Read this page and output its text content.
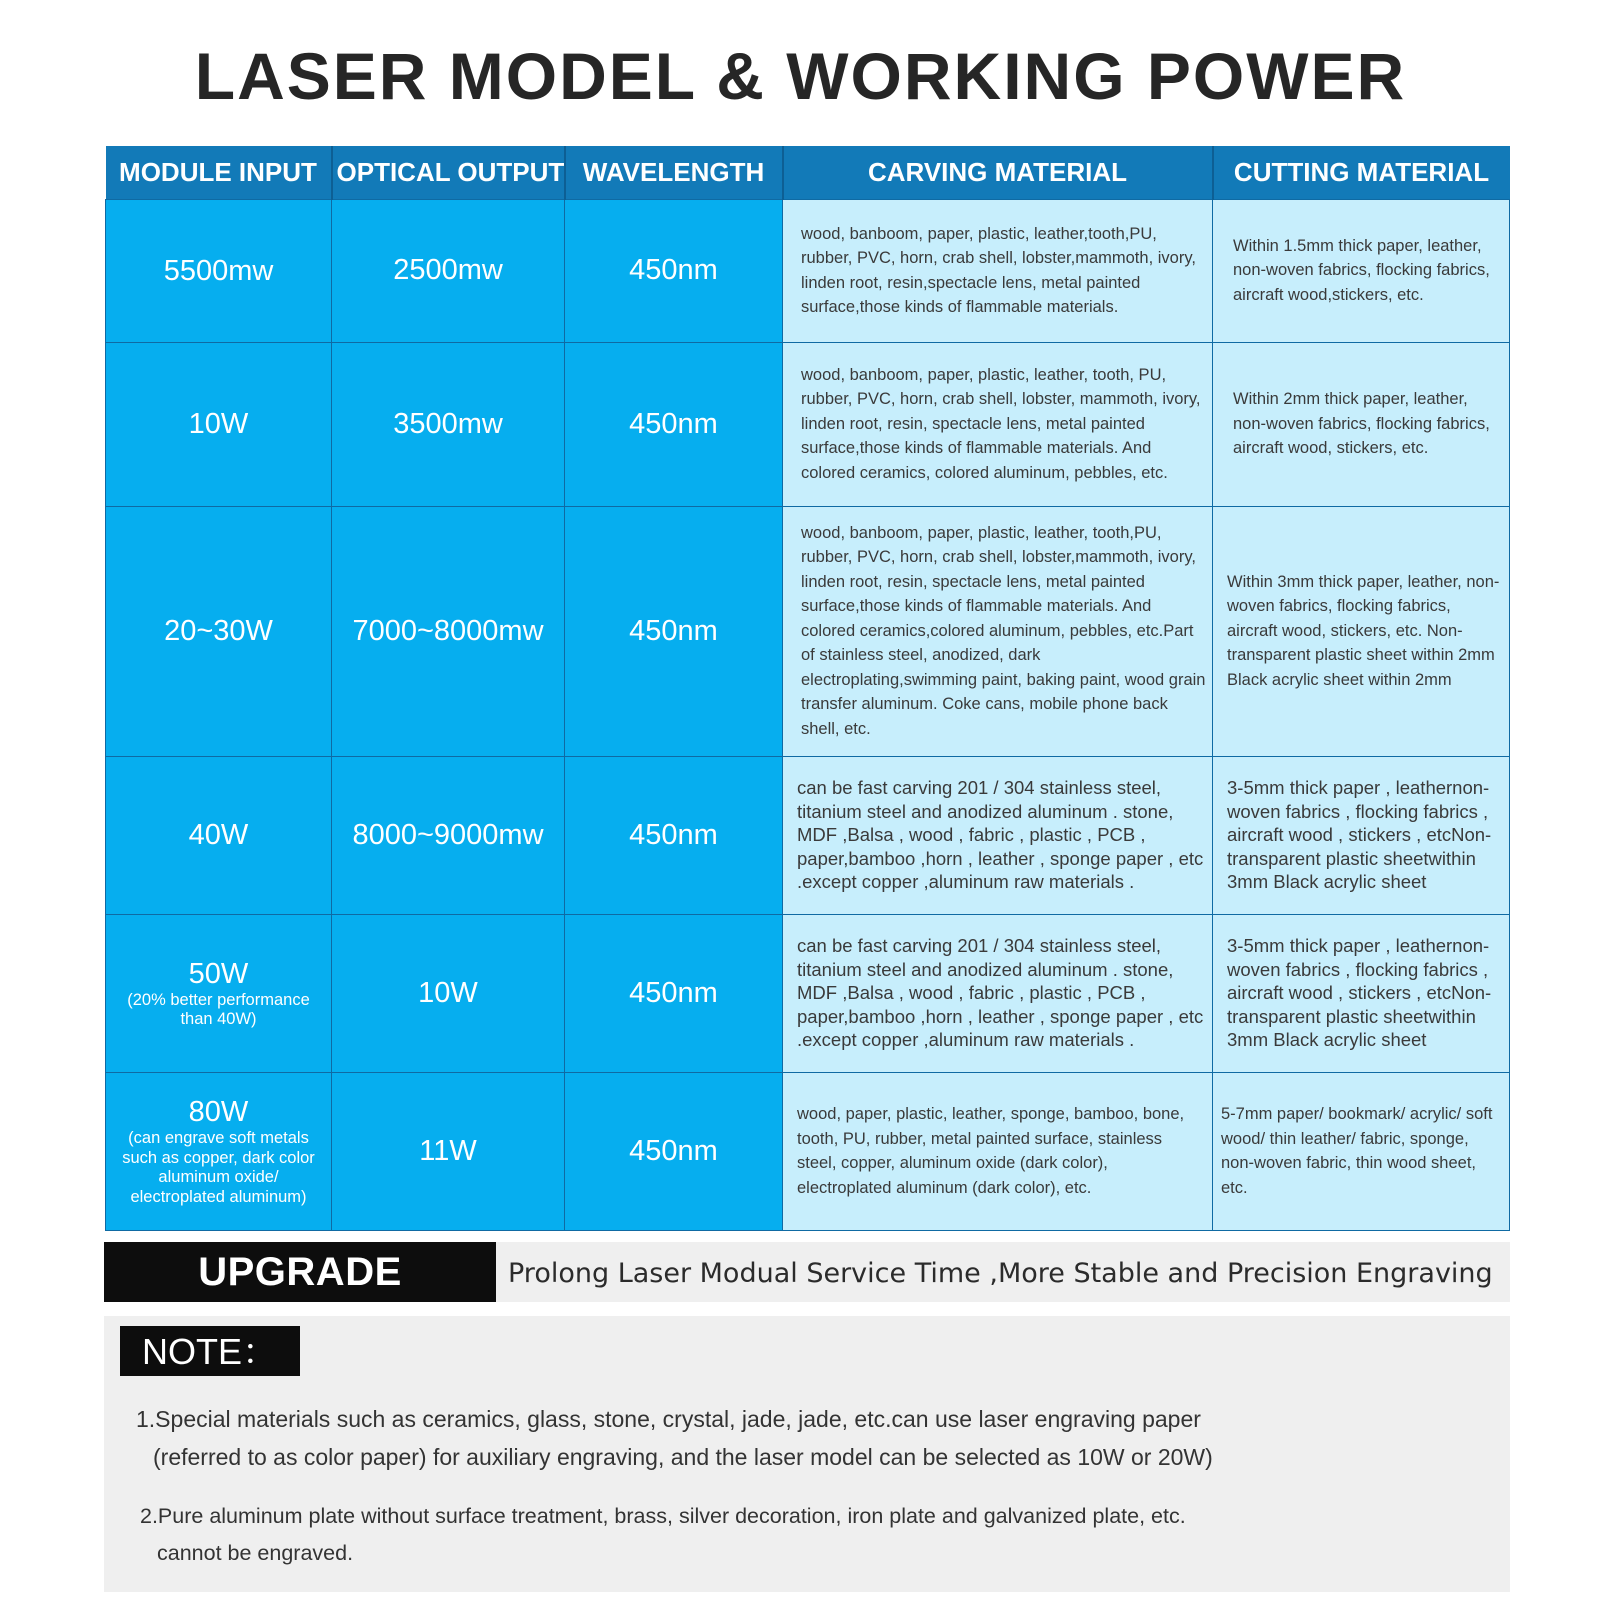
LASER MODEL & WORKING POWER
MODULE INPUT	OPTICAL OUTPUT	WAVELENGTH	CARVING MATERIAL	CUTTING MATERIAL

5500mw	2500mw	450nm	wood, banboom, paper, plastic, leather,tooth,PU, rubber, PVC, horn, crab shell, lobster,mammoth, ivory, linden root, resin,spectacle lens, metal painted surface,those kinds of flammable materials.	Within 1.5mm thick paper, leather, non-woven fabrics, flocking fabrics, aircraft wood,stickers, etc.

10W	3500mw	450nm	wood, banboom, paper, plastic, leather, tooth, PU, rubber, PVC, horn, crab shell, lobster, mammoth, ivory, linden root, resin, spectacle lens, metal painted surface,those kinds of flammable materials. And colored ceramics, colored aluminum, pebbles, etc.	Within 2mm thick paper, leather, non-woven fabrics, flocking fabrics, aircraft wood, stickers, etc.

20~30W	7000~8000mw	450nm	wood, banboom, paper, plastic, leather, tooth,PU, rubber, PVC, horn, crab shell, lobster,mammoth, ivory, linden root, resin, spectacle lens, metal painted surface,those kinds of flammable materials. And colored ceramics,colored aluminum, pebbles, etc.Part of stainless steel, anodized, dark electroplating,swimming paint, baking paint, wood grain transfer aluminum. Coke cans, mobile phone back shell, etc.	Within 3mm thick paper, leather, non-woven fabrics, flocking fabrics, aircraft wood, stickers, etc. Non-transparent plastic sheet within 2mm Black acrylic sheet within 2mm

40W	8000~9000mw	450nm	can be fast carving 201 / 304 stainless steel, titanium steel and anodized aluminum . stone, MDF ,Balsa , wood , fabric , plastic , PCB , paper,bamboo ,horn , leather , sponge paper , etc .except copper ,aluminum raw materials .	3-5mm thick paper , leathernon-woven fabrics , flocking fabrics , aircraft wood , stickers , etcNon-transparent plastic sheetwithin 3mm Black acrylic sheet

50W
(20% better performance than 40W)	10W	450nm	can be fast carving 201 / 304 stainless steel, titanium steel and anodized aluminum . stone, MDF ,Balsa , wood , fabric , plastic , PCB , paper,bamboo ,horn , leather , sponge paper , etc .except copper ,aluminum raw materials .	3-5mm thick paper , leathernon-woven fabrics , flocking fabrics , aircraft wood , stickers , etcNon-transparent plastic sheetwithin 3mm Black acrylic sheet

80W
(can engrave soft metals such as copper, dark color aluminum oxide/ electroplated aluminum)	11W	450nm	wood, paper, plastic, leather, sponge, bamboo, bone, tooth, PU, rubber, metal painted surface, stainless steel, copper, aluminum oxide (dark color), electroplated aluminum (dark color), etc.	5-7mm paper/ bookmark/ acrylic/ soft wood/ thin leather/ fabric, sponge, non-woven fabric, thin wood sheet, etc.
UPGRADE	Prolong Laser Modual Service Time ,More Stable and Precision Engraving
NOTE：
1.Special materials such as ceramics, glass, stone, crystal, jade, jade, etc.can use laser engraving paper
(referred to as color paper) for auxiliary engraving, and the laser model can be selected as 10W or 20W)
2.Pure aluminum plate without surface treatment, brass, silver decoration, iron plate and galvanized plate, etc.
cannot be engraved.
